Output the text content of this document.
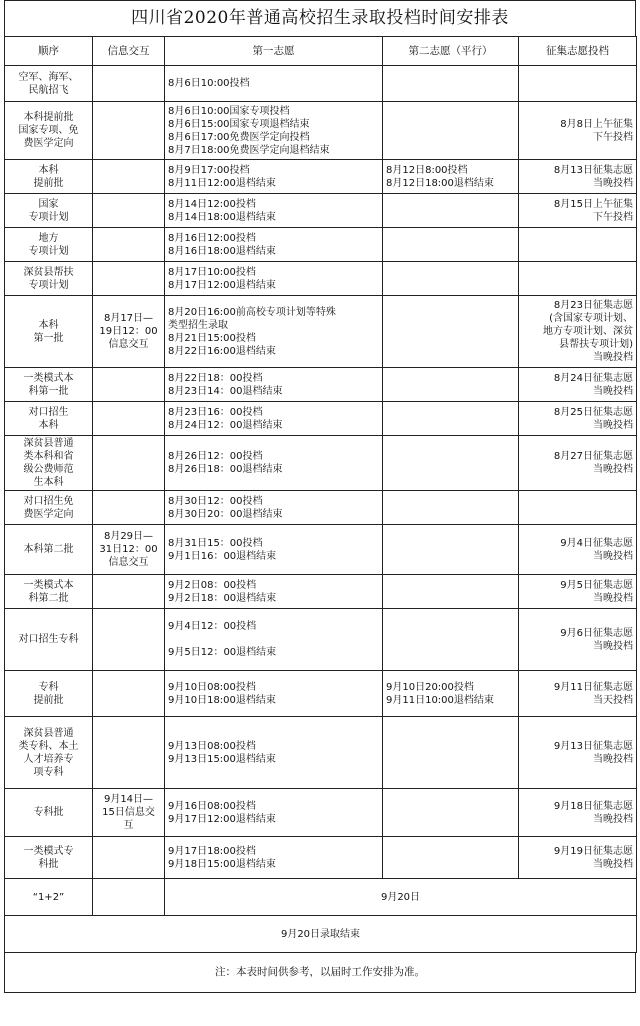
四川省2020年普通高校招生录取投档时间安排表
顺序	信息交互	第一志愿	第二志愿（平行）	征集志愿投档

空军、海军、
民航招飞		8月6日10:00投档		

本科提前批
国家专项、免
费医学定向		8月6日10:00国家专项投档
8月6日15:00国家专项退档结束
8月6日17:00免费医学定向投档
8月7日18:00免费医学定向退档结束		8月8日上午征集
下午投档

本科
提前批		8月9日17:00投档
8月11日12:00退档结束	8月12日8:00投档
8月12日18:00退档结束	8月13日征集志愿
当晚投档

国家
专项计划		8月14日12:00投档
8月14日18:00退档结束		8月15日上午征集
下午投档

地方
专项计划		8月16日12:00投档
8月16日18:00退档结束		

深贫县帮扶
专项计划		8月17日10:00投档
8月17日12:00退档结束		

本科
第一批	8月17日—
19日12：00
信息交互	8月20日16:00前高校专项计划等特殊
类型招生录取
8月21日15:00投档
8月22日16:00退档结束		8月23日征集志愿
(含国家专项计划、
地方专项计划、深贫
县帮扶专项计划)
当晚投档

一类模式本
科第一批		8月22日18：00投档
8月23日14：00退档结束		8月24日征集志愿
当晚投档

对口招生
本科		8月23日16：00投档
8月24日12：00退档结束		8月25日征集志愿
当晚投档

深贫县普通
类本科和省
级公费师范
生本科		8月26日12：00投档
8月26日18：00退档结束		8月27日征集志愿
当晚投档

对口招生免
费医学定向		8月30日12：00投档
8月30日20：00退档结束		

本科第二批	8月29日—
31日12：00
信息交互	8月31日15：00投档
9月1日16：00退档结束		9月4日征集志愿
当晚投档

一类模式本
科第二批		9月2日08：00投档
9月2日18：00退档结束		9月5日征集志愿
当晚投档

对口招生专科		9月4日12：00投档

9月5日12：00退档结束		9月6日征集志愿
当晚投档

专科
提前批		9月10日08:00投档
9月10日18:00退档结束	9月10日20:00投档
9月11日10:00退档结束	9月11日征集志愿
当天投档

深贫县普通
类专科、本土
人才培养专
项专科		9月13日08:00投档
9月13日15:00退档结束		9月13日征集志愿
当晚投档

专科批	9月14日—
15日信息交
互	9月16日08:00投档
9月17日12:00退档结束		9月18日征集志愿
当晚投档

一类模式专
科批		9月17日18:00投档
9月18日15:00退档结束		9月19日征集志愿
当晚投档

“1+2”		9月20日		
9月20日录取结束				
注：本表时间供参考，以届时工作安排为准。
